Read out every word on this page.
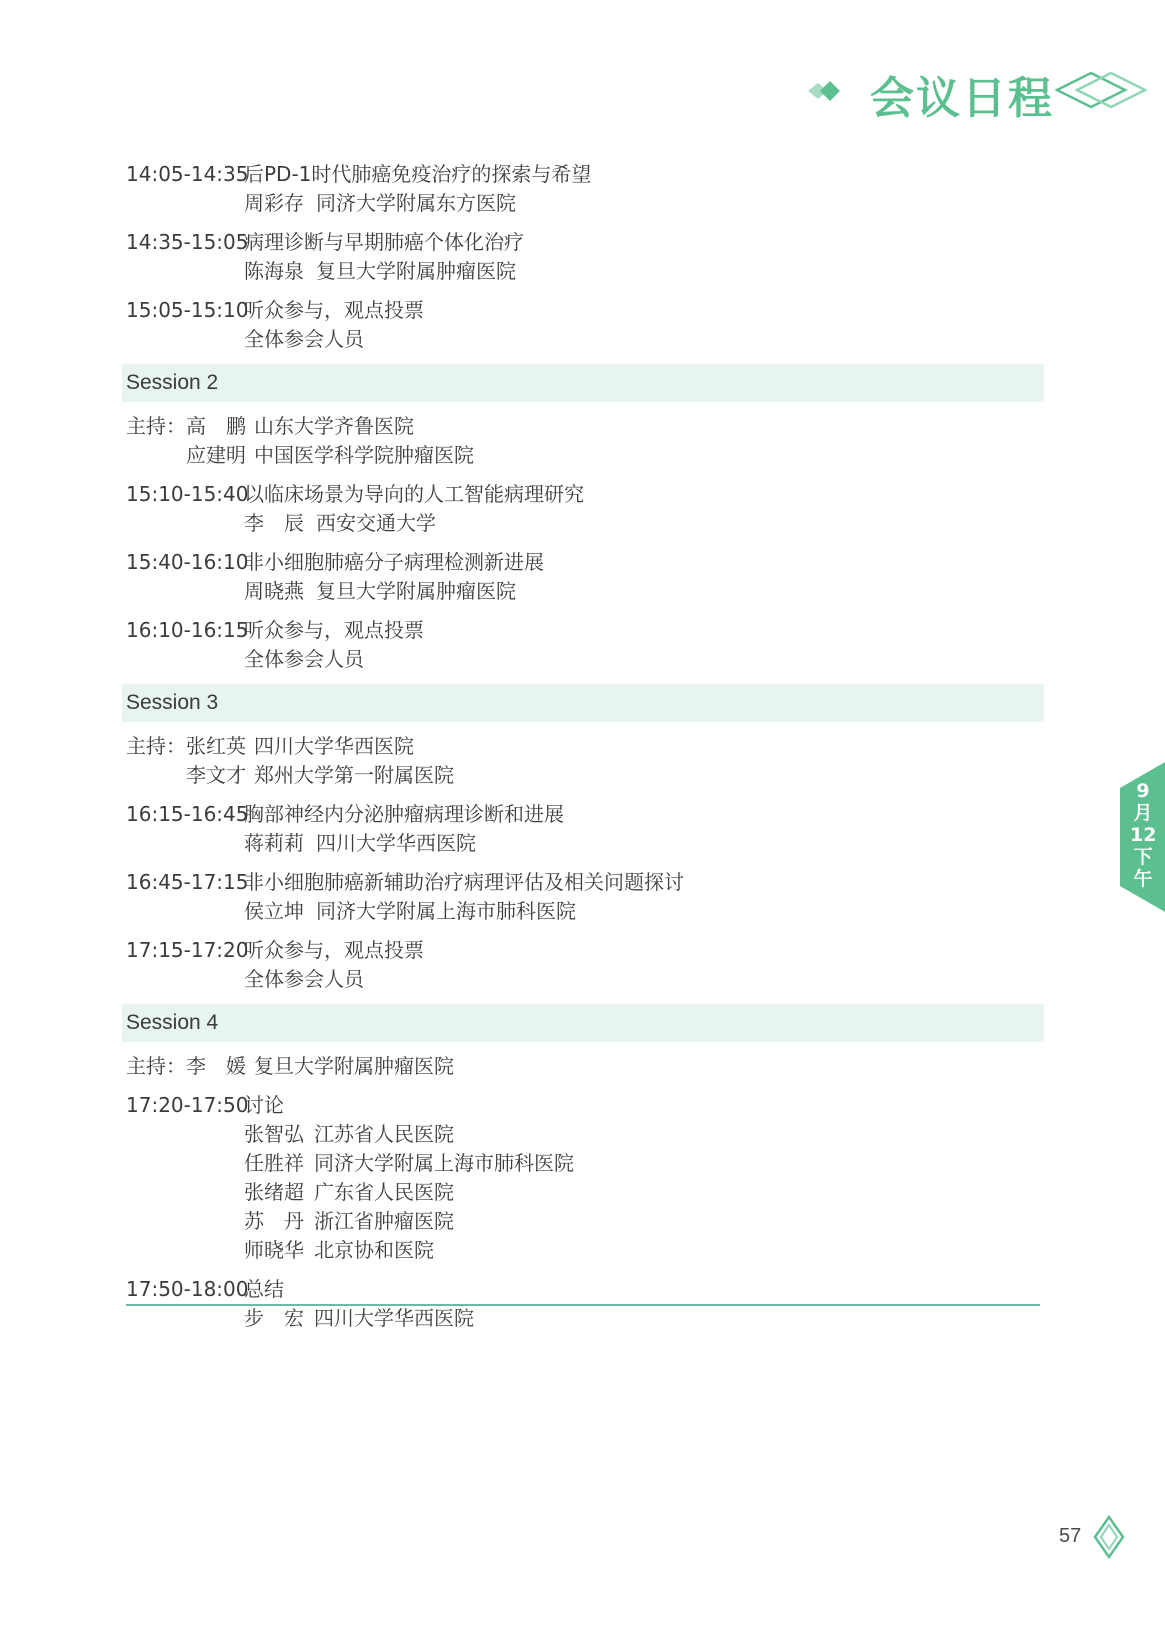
会议日程
14:05-14:35
后PD-1时代肺癌免疫治疗的探索与希望
周彩存 同济大学附属东方医院
14:35-15:05
病理诊断与早期肺癌个体化治疗
陈海泉 复旦大学附属肿瘤医院
15:05-15:10
听众参与，观点投票
全体参会人员
Session 2
主持： 高　鹏 山东大学齐鲁医院
应建明 中国医学科学院肿瘤医院
15:10-15:40
以临床场景为导向的人工智能病理研究
李　辰 西安交通大学
15:40-16:10
非小细胞肺癌分子病理检测新进展
周晓燕 复旦大学附属肿瘤医院
16:10-16:15
听众参与，观点投票
全体参会人员
Session 3
主持： 张红英 四川大学华西医院
李文才 郑州大学第一附属医院
16:15-16:45
胸部神经内分泌肿瘤病理诊断和进展
蒋莉莉 四川大学华西医院
16:45-17:15
非小细胞肺癌新辅助治疗病理评估及相关问题探讨
侯立坤 同济大学附属上海市肺科医院
17:15-17:20
听众参与，观点投票
全体参会人员
Session 4
主持： 李　媛 复旦大学附属肿瘤医院
17:20-17:50
讨论
张智弘 江苏省人民医院
任胜祥 同济大学附属上海市肺科医院
张绪超 广东省人民医院
苏　丹 浙江省肿瘤医院
师晓华 北京协和医院
17:50-18:00
总结
步　宏 四川大学华西医院
9
月
12
下
午
57
